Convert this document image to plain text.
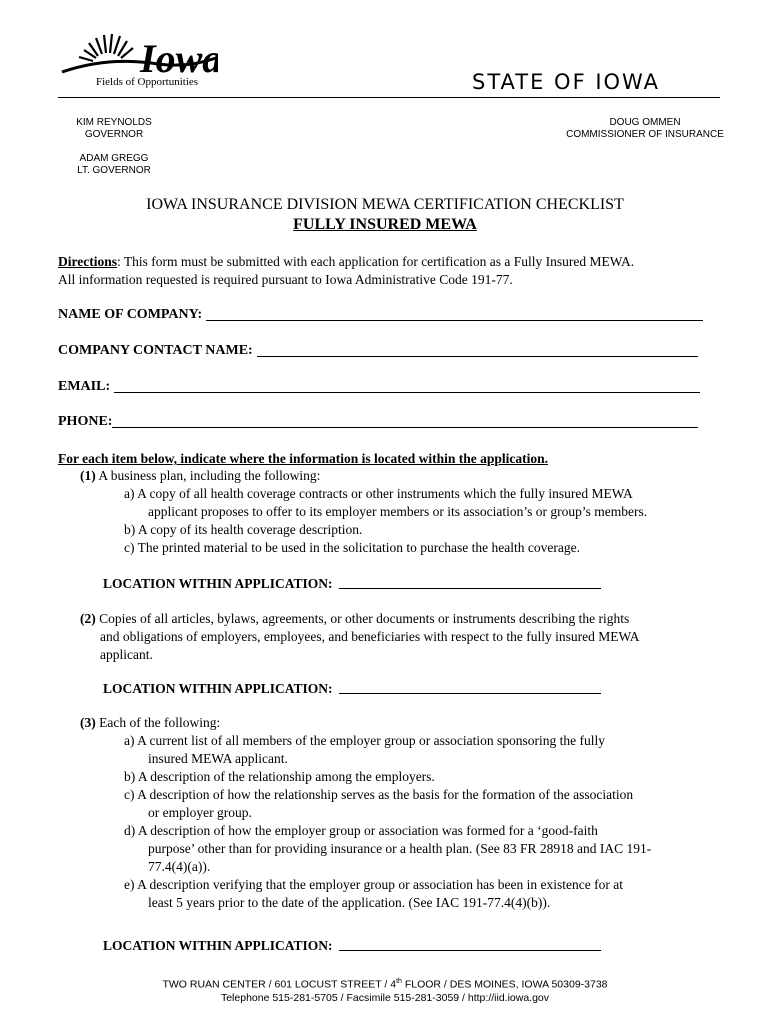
Iowa
Fields of Opportunities	STATE OF IOWA
KIM REYNOLDS
GOVERNOR
ADAM GREGG
LT. GOVERNOR
DOUG OMMEN
COMMISSIONER OF INSURANCE
IOWA INSURANCE DIVISION MEWA CERTIFICATION CHECKLIST
FULLY INSURED MEWA
Directions: This form must be submitted with each application for certification as a Fully Insured MEWA.
All information requested is required pursuant to Iowa Administrative Code 191-77.
NAME OF COMPANY:
COMPANY CONTACT NAME:
EMAIL:
PHONE:
For each item below, indicate where the information is located within the application.
(1) A business plan, including the following:
a) A copy of all health coverage contracts or other instruments which the fully insured MEWA
applicant proposes to offer to its employer members or its association’s or group’s members.
b) A copy of its health coverage description.
c) The printed material to be used in the solicitation to purchase the health coverage.
LOCATION WITHIN APPLICATION:
(2) Copies of all articles, bylaws, agreements, or other documents or instruments describing the rights
and obligations of employers, employees, and beneficiaries with respect to the fully insured MEWA
applicant.
LOCATION WITHIN APPLICATION:
(3) Each of the following:
a) A current list of all members of the employer group or association sponsoring the fully
insured MEWA applicant.
b) A description of the relationship among the employers.
c) A description of how the relationship serves as the basis for the formation of the association
or employer group.
d) A description of how the employer group or association was formed for a ‘good-faith
purpose’ other than for providing insurance or a health plan. (See 83 FR 28918 and IAC 191-
77.4(4)(a)).
e) A description verifying that the employer group or association has been in existence for at
least 5 years prior to the date of the application. (See IAC 191-77.4(4)(b)).
LOCATION WITHIN APPLICATION:
TWO RUAN CENTER / 601 LOCUST STREET / 4th FLOOR / DES MOINES, IOWA 50309-3738
Telephone 515-281-5705 / Facsimile 515-281-3059 / http://iid.iowa.gov
